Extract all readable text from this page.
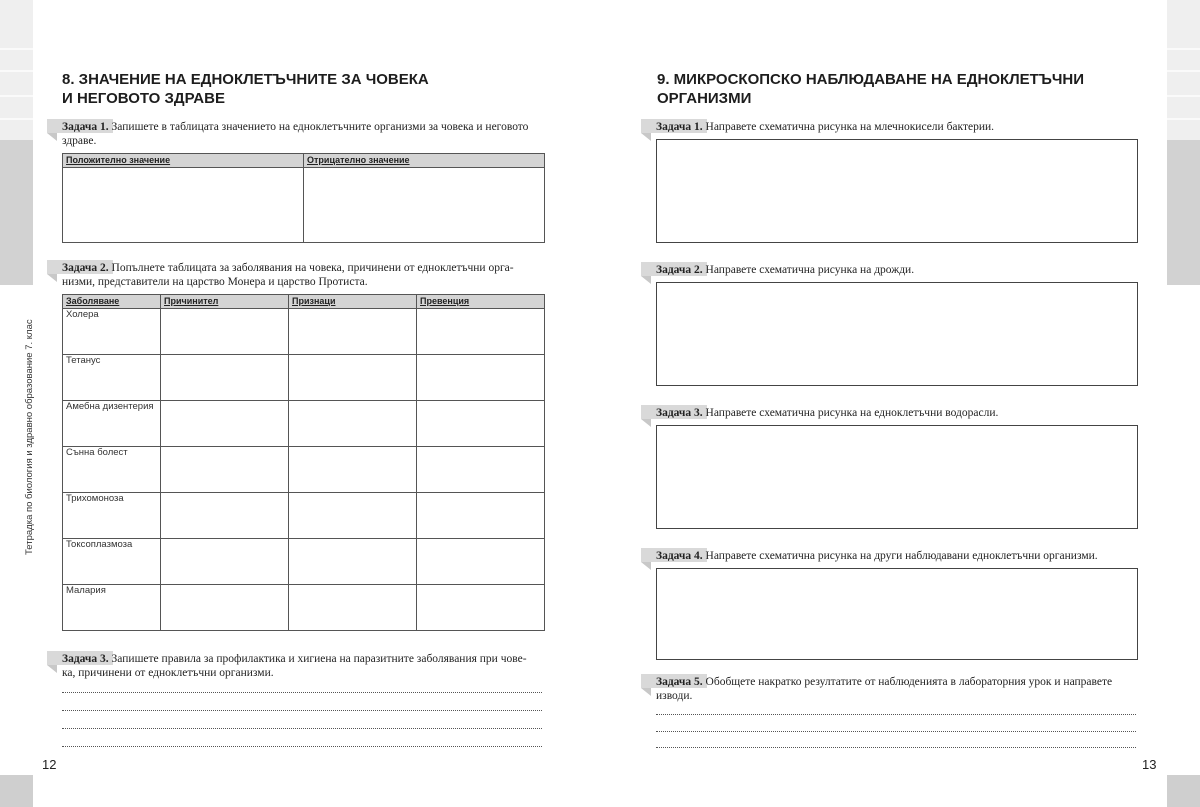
Тетрадка по биология и здравно образование 7. клас
8. ЗНАЧЕНИЕ НА ЕДНОКЛЕТЪЧНИТЕ ЗА ЧОВЕКА
И НЕГОВОТО ЗДРАВЕ
Задача 1. Запишете в таблицата значението на едноклетъчните организми за човека и неговото
здраве.
Положително значение	Отрицателно значение

Задача 2. Попълнете таблицата за заболявания на човека, причинени от едноклетъчни орга-
низми, представители на царство Монера и царство Протиста.
Заболяване	Причинител	Признаци	Превенция
Холера			
Тетанус			
Амебна дизентерия			
Сънна болест			
Трихомоноза			
Токсоплазмоза			
Малария			
Задача 3. Запишете правила за профилактика и хигиена на паразитните заболявания при чове-
ка, причинени от едноклетъчни организми.
12
9. МИКРОСКОПСКО НАБЛЮДАВАНЕ НА ЕДНОКЛЕТЪЧНИ
ОРГАНИЗМИ
Задача 1. Направете схематична рисунка на млечнокисели бактерии.
Задача 2. Направете схематична рисунка на дрожди.
Задача 3. Направете схематична рисунка на едноклетъчни водорасли.
Задача 4. Направете схематична рисунка на други наблюдавани едноклетъчни организми.
Задача 5. Обобщете накратко резултатите от наблюденията в лабораторния урок и направете
изводи.
13
